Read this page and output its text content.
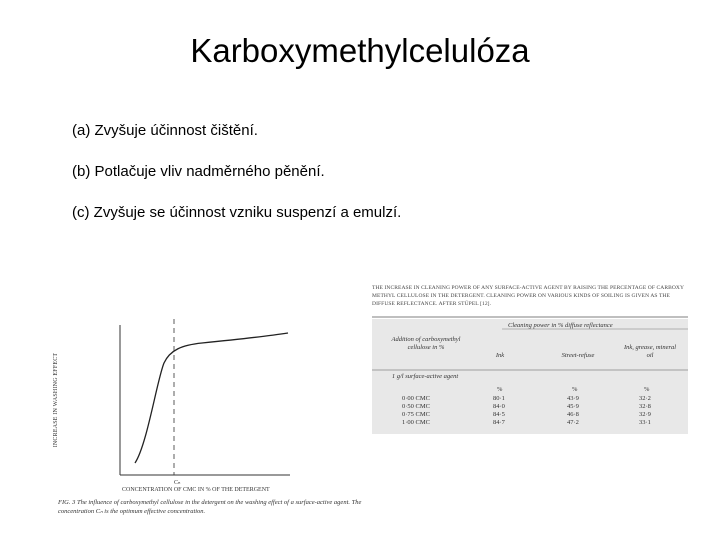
Karboxymethylcelulóza
(a) Zvyšuje účinnost čištění.
(b) Potlačuje vliv nadměrného pěnění.
(c) Zvyšuje se účinnost vzniku suspenzí a emulzí.
INCREASE IN WASHING EFFECT
Cₙ
CONCENTRATION OF CMC IN % OF THE DETERGENT
FIG. 3 The influence of carboxymethyl cellulose in the detergent on the washing effect of a surface-active agent. The concentration Cₙ is the optimum effective concentration.
THE INCREASE IN CLEANING POWER OF ANY SURFACE-ACTIVE AGENT BY RAISING THE PERCENTAGE OF CARBOXY METHYL CELLULOSE IN THE DETERGENT. CLEANING POWER ON VARIOUS KINDS OF SOILING IS GIVEN AS THE DIFFUSE REFLECTANCE. AFTER STÜPEL [12].
Cleaning power in % diffuse reflectance
Addition of carboxymethyl cellulose in %
Ink	Street-refuse
Ink, grease, mineral oil
1 g/l surface-active agent
%	%	%
0·00 CMC	80·1	43·9	32·2
0·50 CMC	84·0	45·9	32·8
0·75 CMC	84·5	46·8	32·9
1·00 CMC	84·7	47·2	33·1
